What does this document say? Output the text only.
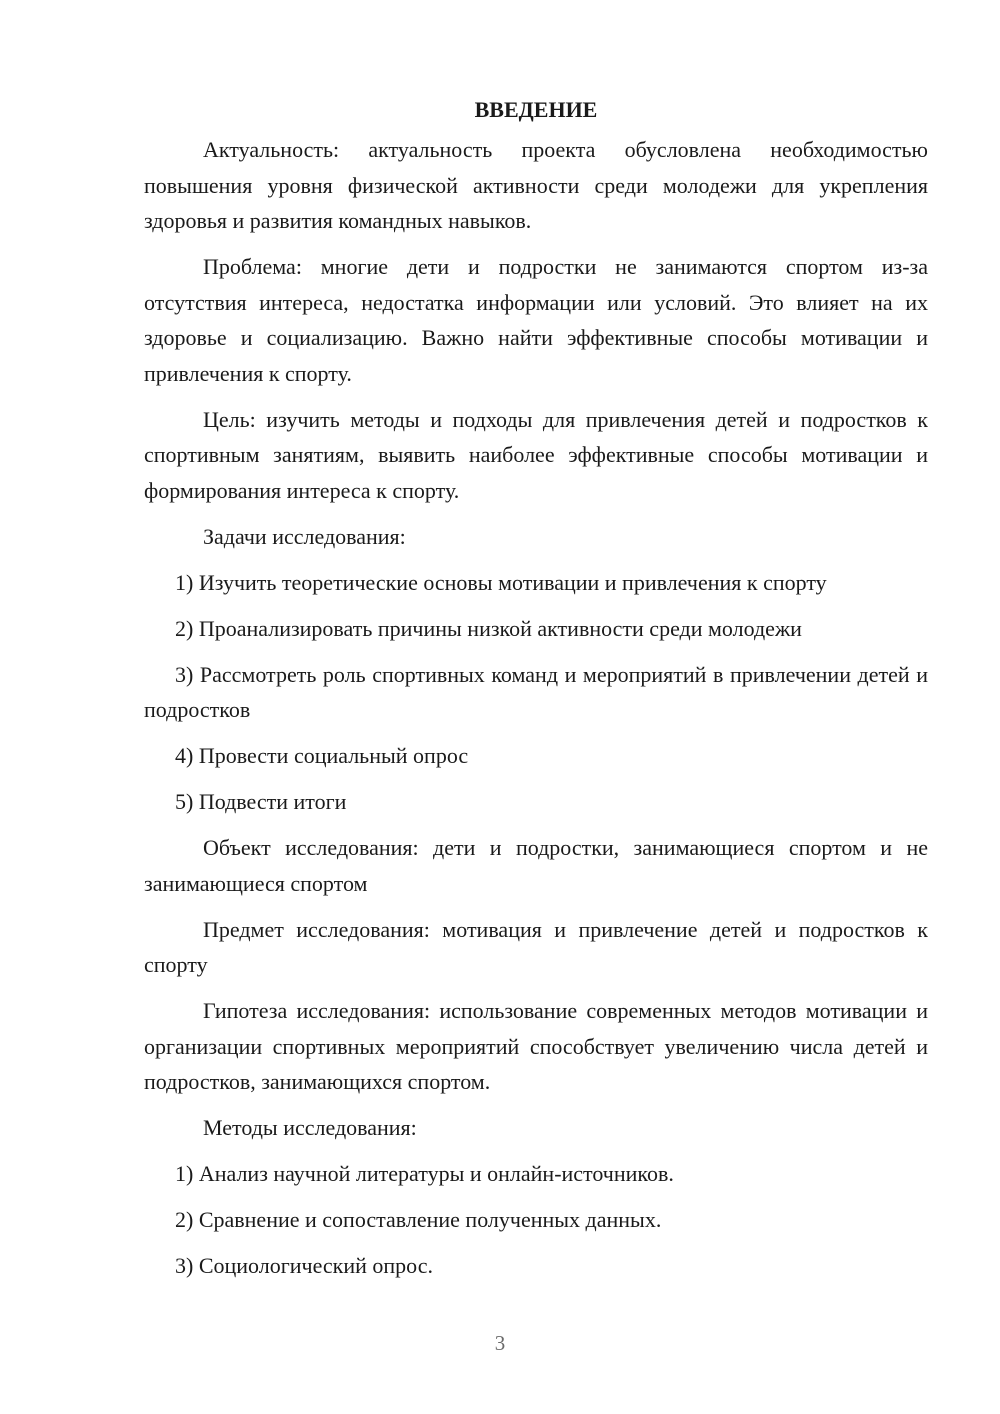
ВВЕДЕНИЕ

Актуальность: актуальность проекта обусловлена необходимостью повышения уровня физической активности среди молодежи для укрепления здоровья и развития командных навыков.

Проблема: многие дети и подростки не занимаются спортом из-за отсутствия интереса, недостатка информации или условий. Это влияет на их здоровье и социализацию. Важно найти эффективные способы мотивации и привлечения к спорту.

Цель: изучить методы и подходы для привлечения детей и подростков к спортивным занятиям, выявить наиболее эффективные способы мотивации и формирования интереса к спорту.

Задачи исследования:

1) Изучить теоретические основы мотивации и привлечения к спорту

2) Проанализировать причины низкой активности среди молодежи

3) Рассмотреть роль спортивных команд и мероприятий в привлечении детей и подростков

4) Провести социальный опрос

5) Подвести итоги

Объект исследования: дети и подростки, занимающиеся спортом и не занимающиеся спортом

Предмет исследования: мотивация и привлечение детей и подростков к спорту

Гипотеза исследования: использование современных методов мотивации и организации спортивных мероприятий способствует увеличению числа детей и подростков, занимающихся спортом.

Методы исследования:

1) Анализ научной литературы и онлайн-источников.

2) Сравнение и сопоставление полученных данных.

3) Социологический опрос.

3
